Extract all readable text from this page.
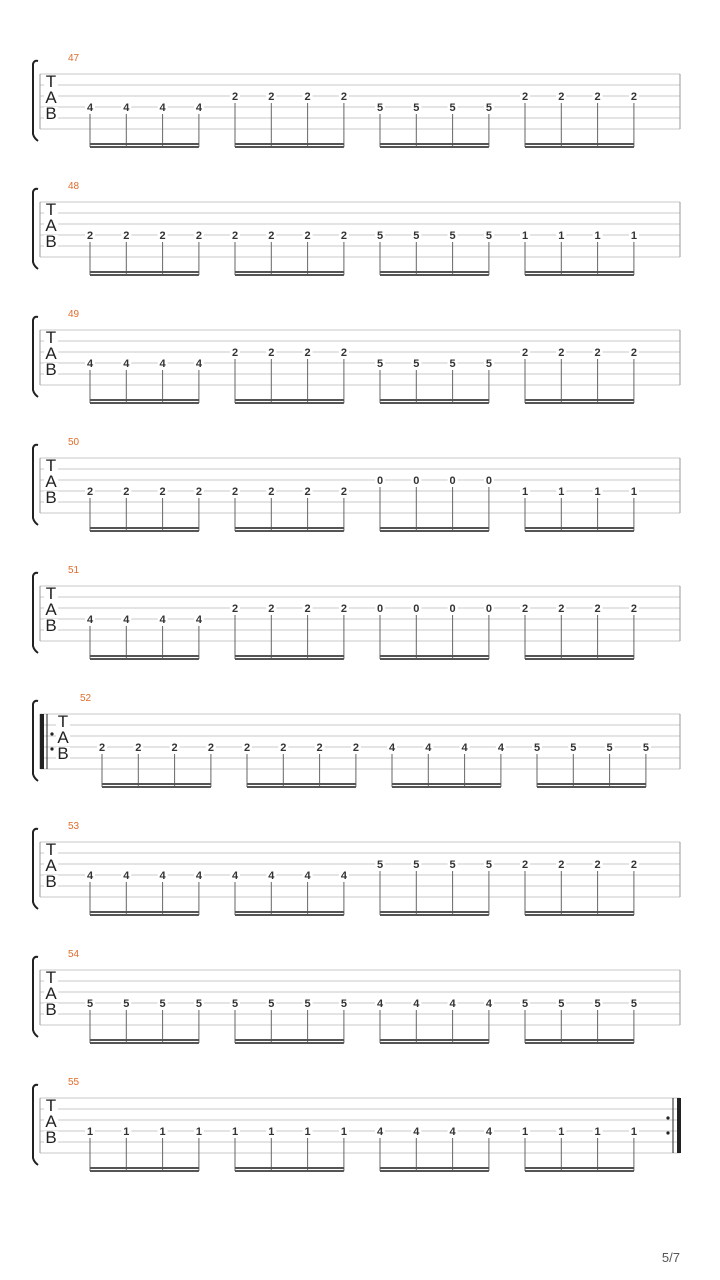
47
T
A
B	4	4	4	4
2	2	2	2
5	5	5	5
2	2	2	2
48
T
A
B	2	2	2	2	2	2	2	2	5	5	5	5	1	1	1	1
49
T
A
B	4	4	4	4
2	2	2	2
5	5	5	5
2	2	2	2
50
T
A
B	2	2	2	2	2	2	2	2
0	0	0	0
1	1	1	1
51
T
A
B	4	4	4	4
2	2	2	2	0	0	0	0	2	2	2	2
52
T
A
B	2	2	2	2	2	2	2	2	4	4	4	4	5	5	5	5
53
T
A
B	4	4	4	4	4	4	4	4
5	5	5	5	2	2	2	2
54
T
A
B	5	5	5	5	5	5	5	5	4	4	4	4	5	5	5	5
55
T
A
B	1	1	1	1	1	1	1	1	4	4	4	4	1	1	1	1
5/7
